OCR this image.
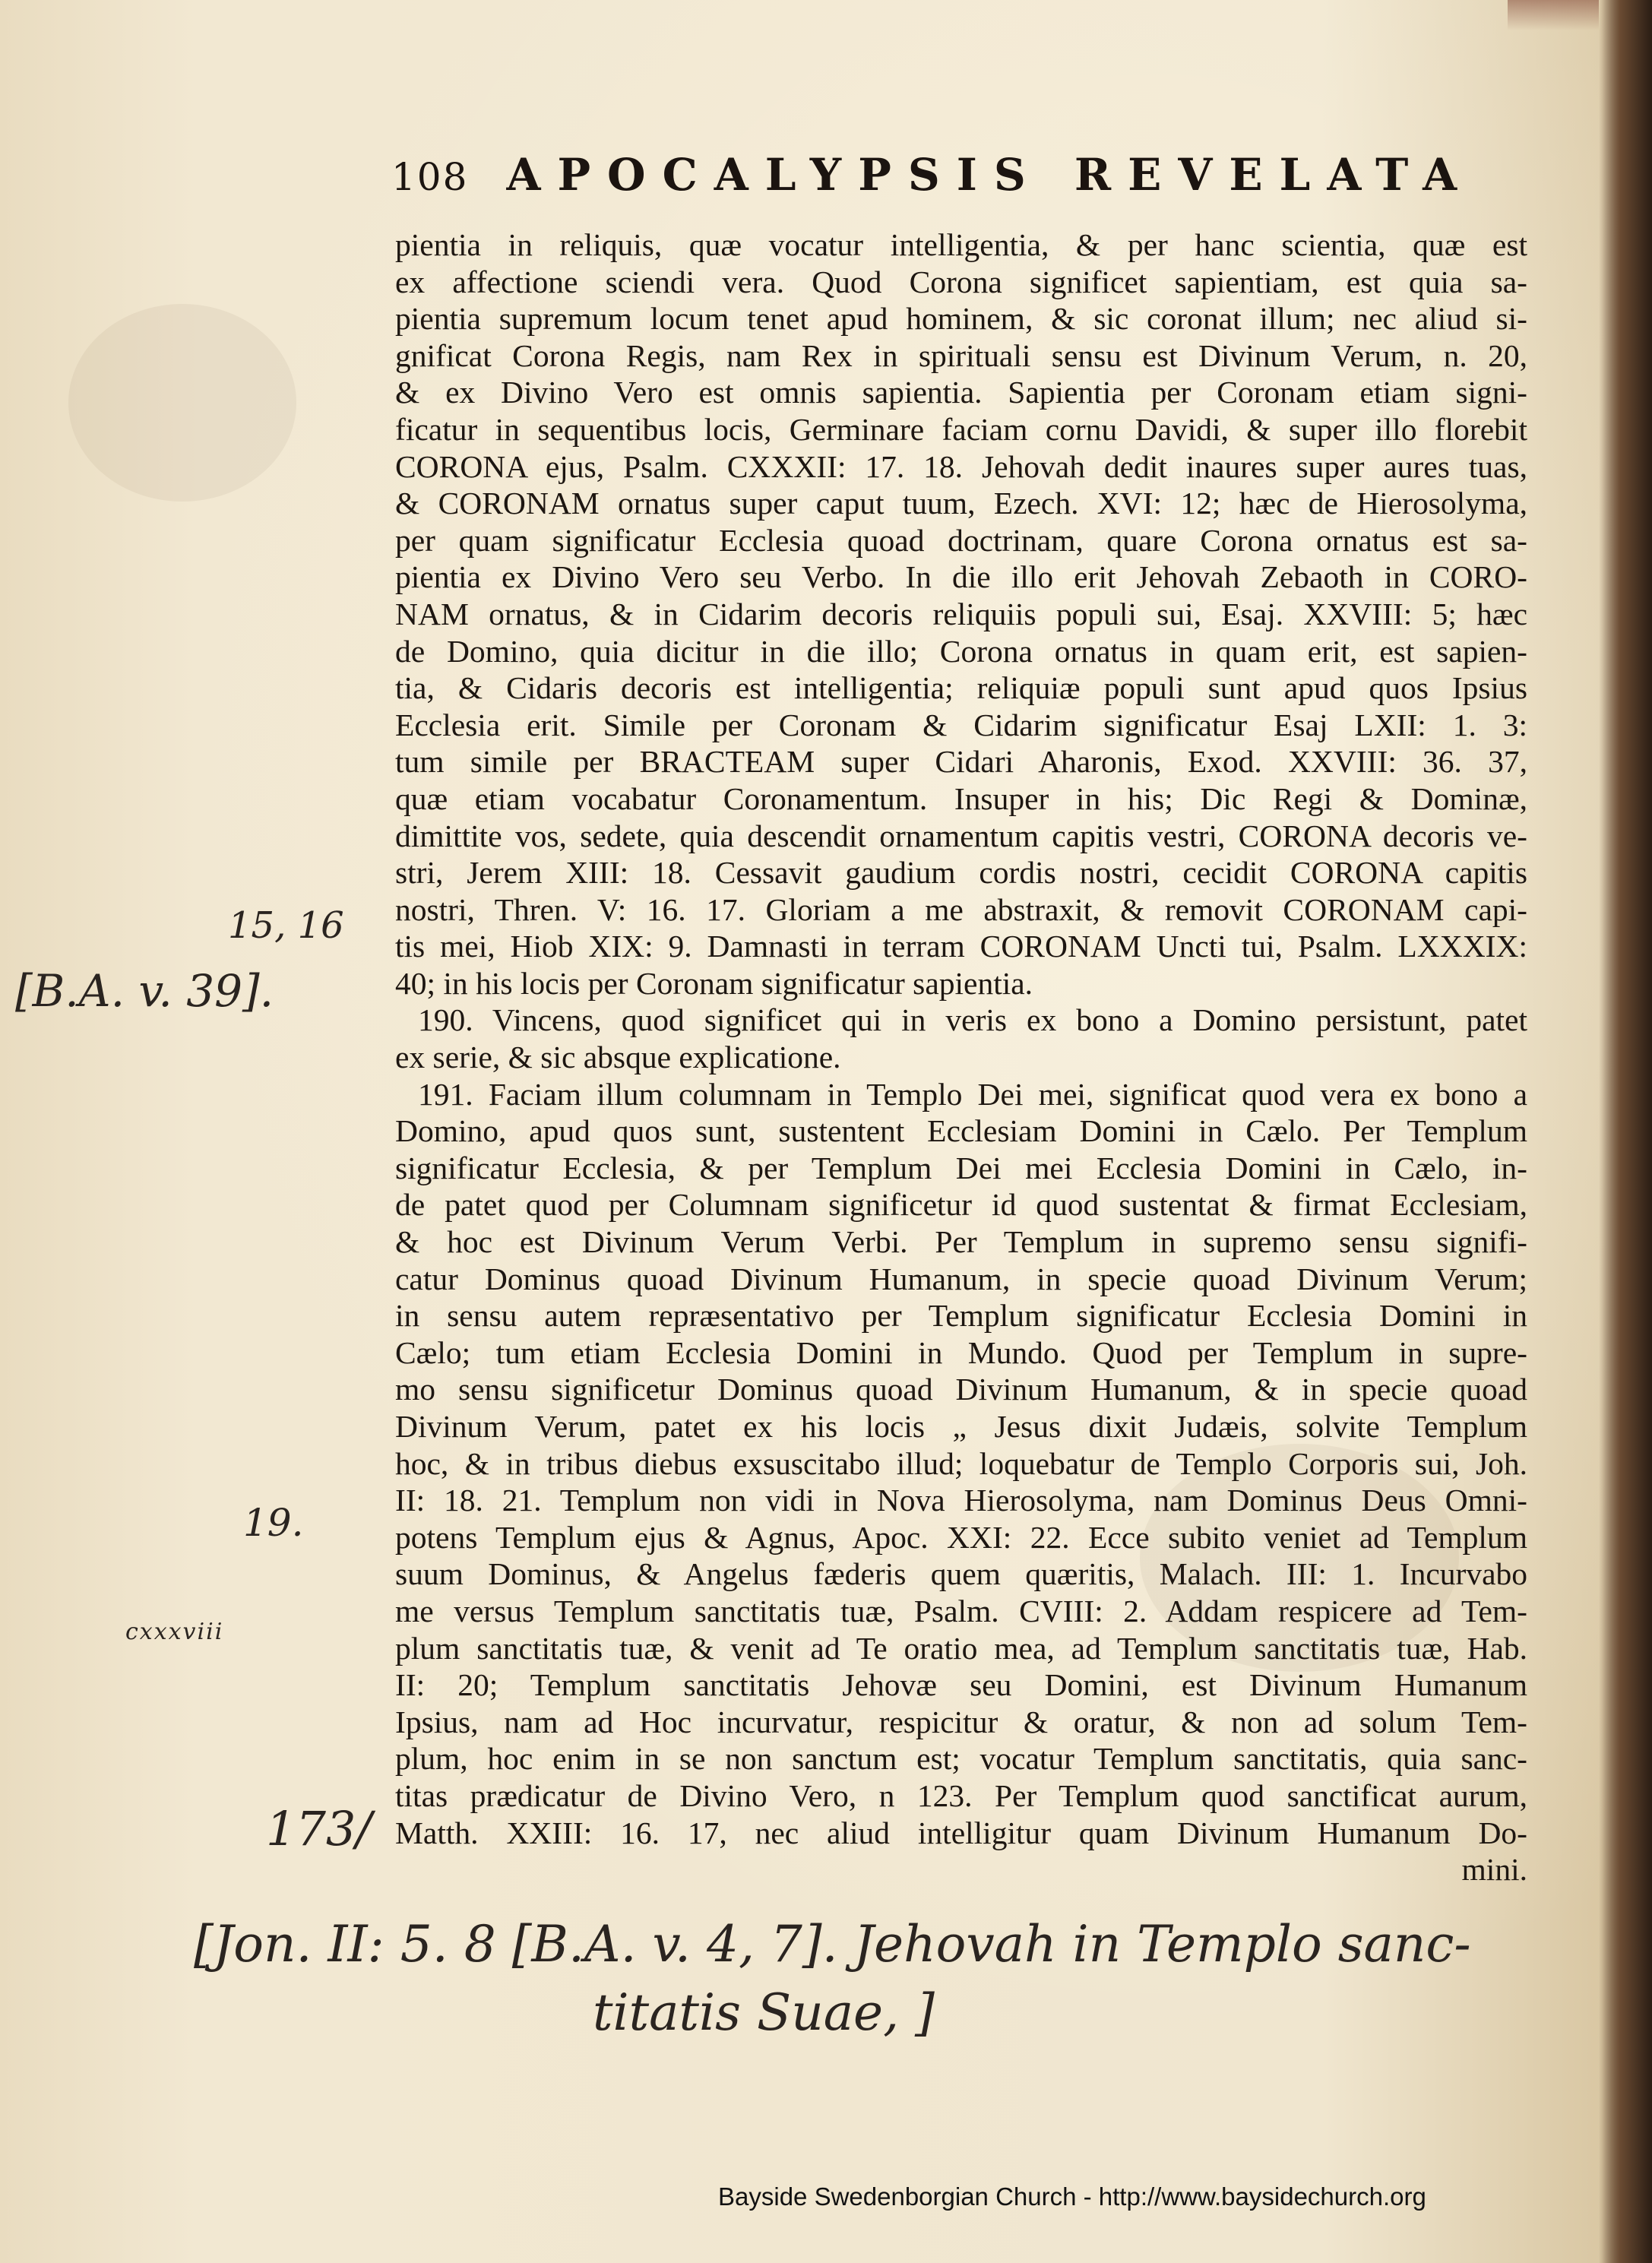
108 APOCALYPSIS REVELATA
pientia in reliquis, quæ vocatur intelligentia, & per hanc scientia, quæ est
ex affectione sciendi vera. Quod Corona significet sapientiam, est quia sa-
pientia supremum locum tenet apud hominem, & sic coronat illum; nec aliud si-
gnificat Corona Regis, nam Rex in spirituali sensu est Divinum Verum, n. 20,
& ex Divino Vero est omnis sapientia. Sapientia per Coronam etiam signi-
ficatur in sequentibus locis, Germinare faciam cornu Davidi, & super illo florebit
CORONA ejus, Psalm. CXXXII: 17. 18. Jehovah dedit inaures super aures tuas,
& CORONAM ornatus super caput tuum, Ezech. XVI: 12; hæc de Hierosolyma,
per quam significatur Ecclesia quoad doctrinam, quare Corona ornatus est sa-
pientia ex Divino Vero seu Verbo. In die illo erit Jehovah Zebaoth in CORO-
NAM ornatus, & in Cidarim decoris reliquiis populi sui, Esaj. XXVIII: 5; hæc
de Domino, quia dicitur in die illo; Corona ornatus in quam erit, est sapien-
tia, & Cidaris decoris est intelligentia; reliquiæ populi sunt apud quos Ipsius
Ecclesia erit. Simile per Coronam & Cidarim significatur Esaj LXII: 1. 3:
tum simile per BRACTEAM super Cidari Aharonis, Exod. XXVIII: 36. 37,
quæ etiam vocabatur Coronamentum. Insuper in his; Dic Regi & Dominæ,
dimittite vos, sedete, quia descendit ornamentum capitis vestri, CORONA decoris ve-
stri, Jerem XIII: 18. Cessavit gaudium cordis nostri, cecidit CORONA capitis
nostri, Thren. V: 16. 17. Gloriam a me abstraxit, & removit CORONAM capi-
tis mei, Hiob XIX: 9. Damnasti in terram CORONAM Uncti tui, Psalm. LXXXIX:
40; in his locis per Coronam significatur sapientia.
190. Vincens, quod significet qui in veris ex bono a Domino persistunt, patet
ex serie, & sic absque explicatione.
191. Faciam illum columnam in Templo Dei mei, significat quod vera ex bono a
Domino, apud quos sunt, sustentent Ecclesiam Domini in Cælo. Per Templum
significatur Ecclesia, & per Templum Dei mei Ecclesia Domini in Cælo, in-
de patet quod per Columnam significetur id quod sustentat & firmat Ecclesiam,
& hoc est Divinum Verum Verbi. Per Templum in supremo sensu signifi-
catur Dominus quoad Divinum Humanum, in specie quoad Divinum Verum;
in sensu autem repræsentativo per Templum significatur Ecclesia Domini in
Cælo; tum etiam Ecclesia Domini in Mundo. Quod per Templum in supre-
mo sensu significetur Dominus quoad Divinum Humanum, & in specie quoad
Divinum Verum, patet ex his locis „ Jesus dixit Judæis, solvite Templum
hoc, & in tribus diebus exsuscitabo illud; loquebatur de Templo Corporis sui, Joh.
II: 18. 21. Templum non vidi in Nova Hierosolyma, nam Dominus Deus Omni-
potens Templum ejus & Agnus, Apoc. XXI: 22. Ecce subito veniet ad Templum
suum Dominus, & Angelus fæderis quem quæritis, Malach. III: 1. Incurvabo
me versus Templum sanctitatis tuæ, Psalm. CVIII: 2. Addam respicere ad Tem-
plum sanctitatis tuæ, & venit ad Te oratio mea, ad Templum sanctitatis tuæ, Hab.
II: 20; Templum sanctitatis Jehovæ seu Domini, est Divinum Humanum
Ipsius, nam ad Hoc incurvatur, respicitur & oratur, & non ad solum Tem-
plum, hoc enim in se non sanctum est; vocatur Templum sanctitatis, quia sanc-
titas prædicatur de Divino Vero, n 123. Per Templum quod sanctificat aurum,
Matth. XXIII: 16. 17, nec aliud intelligitur quam Divinum Humanum Do-
mini.
15, 16
[B.A. v. 39].
19.
cxxxviii
173/
[Jon. II: 5. 8 [B.A. v. 4, 7]. Jehovah in Templo sanc-
titatis Suae, ]
Bayside Swedenborgian Church - http://www.baysidechurch.org
